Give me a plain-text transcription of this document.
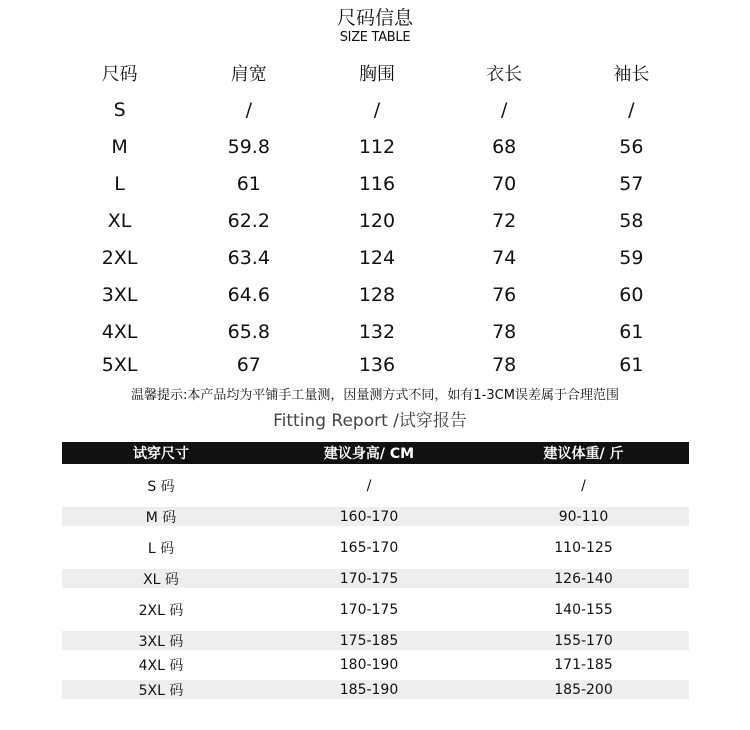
尺码信息
SIZE TABLE
尺码	肩宽	胸围	衣长	袖长
S	/	/	/	/
M	59.8	112	68	56
L	61	116	70	57
XL	62.2	120	72	58
2XL	63.4	124	74	59
3XL	64.6	128	76	60
4XL	65.8	132	78	61
5XL	67	136	78	61
温馨提示:本产品均为平铺手工量测，因量测方式不同，如有1-3CM误差属于合理范围
Fitting Report /试穿报告
试穿尺寸	建议身高/ CM	建议体重/ 斤
S 码	/	/
M 码	160-170	90-110
L 码	165-170	110-125
XL 码	170-175	126-140
2XL 码	170-175	140-155
3XL 码	175-185	155-170
4XL 码	180-190	171-185
5XL 码	185-190	185-200
